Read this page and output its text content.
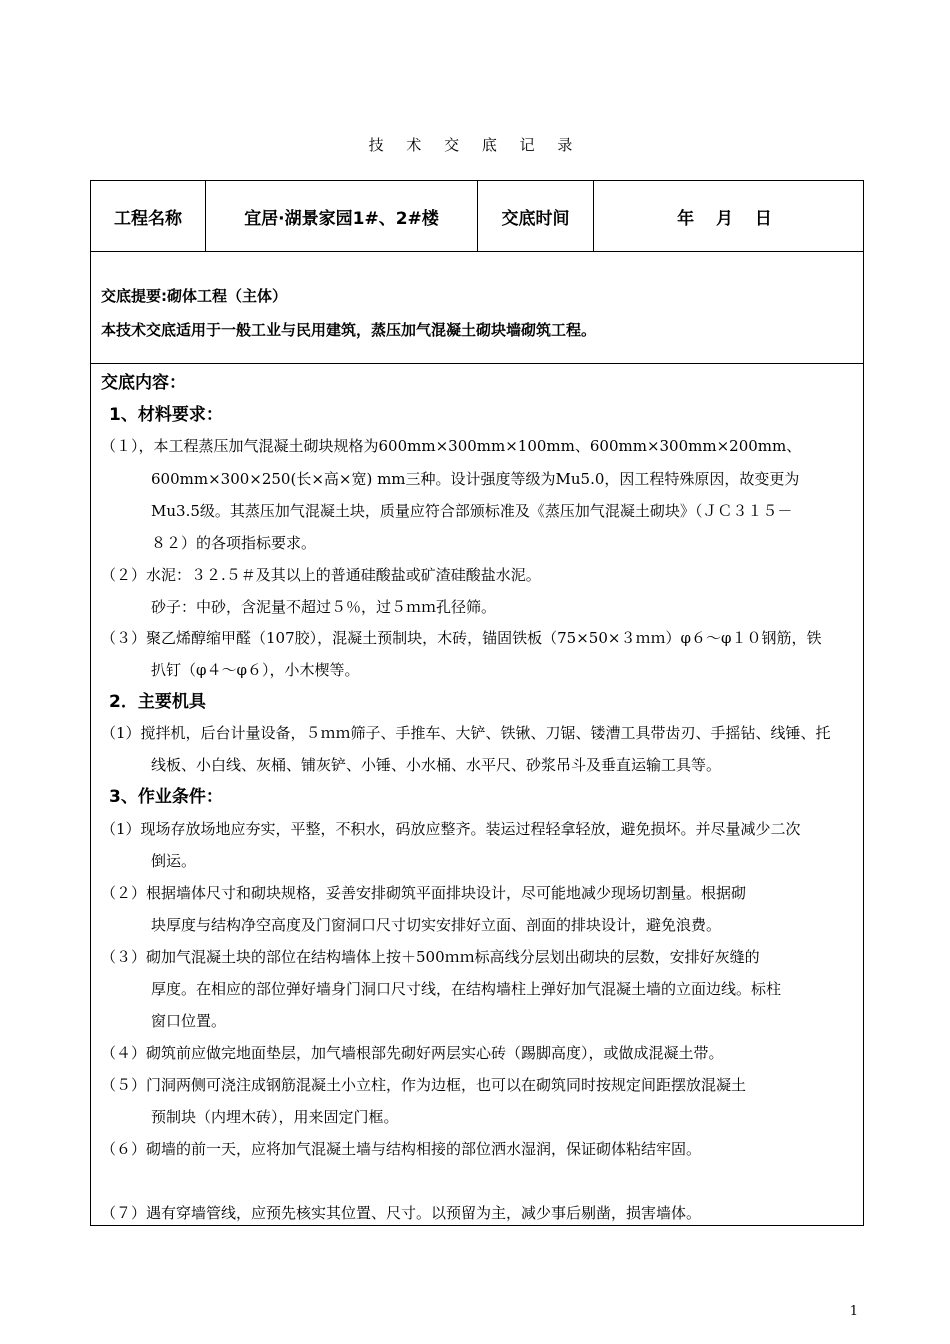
技 术 交 底 记 录
工程名称	宜居·湖景家园1#、2#楼	交底时间	年 月 日
交底提要:砌体工程（主体）
本技术交底适用于一般工业与民用建筑，蒸压加气混凝土砌块墙砌筑工程。
交底内容：
1、材料要求：
（１），本工程蒸压加气混凝土砌块规格为600mm×300mm×100mm、600mm×300mm×200mm、
600mm×300×250(长×高×宽) mm三种。设计强度等级为Mu5.0，因工程特殊原因，故变更为
Mu3.5级。其蒸压加气混凝土块，质量应符合部颁标准及《蒸压加气混凝土砌块》（ＪＣ３１５－
８２）的各项指标要求。
（２）水泥：３２.５＃及其以上的普通硅酸盐或矿渣硅酸盐水泥。
砂子：中砂，含泥量不超过５％，过５ｍｍ孔径筛。
（３）聚乙烯醇缩甲醛（107胶），混凝土预制块，木砖，锚固铁板（75×50×３ｍｍ）φ６～φ１０钢筋，铁
扒钉（φ４～φ６），小木楔等。
2．主要机具
（1）搅拌机，后台计量设备，５ｍｍ筛子、手推车、大铲、铁锹、刀锯、镂漕工具带齿刃、手摇钻、线锤、托
线板、小白线、灰桶、铺灰铲、小锤、小水桶、水平尺、砂浆吊斗及垂直运输工具等。
3、作业条件：
（1）现场存放场地应夯实，平整，不积水，码放应整齐。装运过程轻拿轻放，避免损坏。并尽量减少二次
倒运。
（２）根据墙体尺寸和砌块规格，妥善安排砌筑平面排块设计，尽可能地减少现场切割量。根据砌
块厚度与结构净空高度及门窗洞口尺寸切实安排好立面、剖面的排块设计，避免浪费。
（３）砌加气混凝土块的部位在结构墙体上按＋500ｍｍ标高线分层划出砌块的层数，安排好灰缝的
厚度。在相应的部位弹好墙身门洞口尺寸线，在结构墙柱上弹好加气混凝土墙的立面边线。标柱
窗口位置。
（４）砌筑前应做完地面垫层，加气墙根部先砌好两层实心砖（踢脚高度），或做成混凝土带。
（５）门洞两侧可浇注成钢筋混凝土小立柱，作为边框，也可以在砌筑同时按规定间距摆放混凝土
预制块（内埋木砖），用来固定门框。
（６）砌墙的前一天，应将加气混凝土墙与结构相接的部位洒水湿润，保证砌体粘结牢固。
（７）遇有穿墙管线，应预先核实其位置、尺寸。以预留为主，减少事后剔凿，损害墙体。
1
